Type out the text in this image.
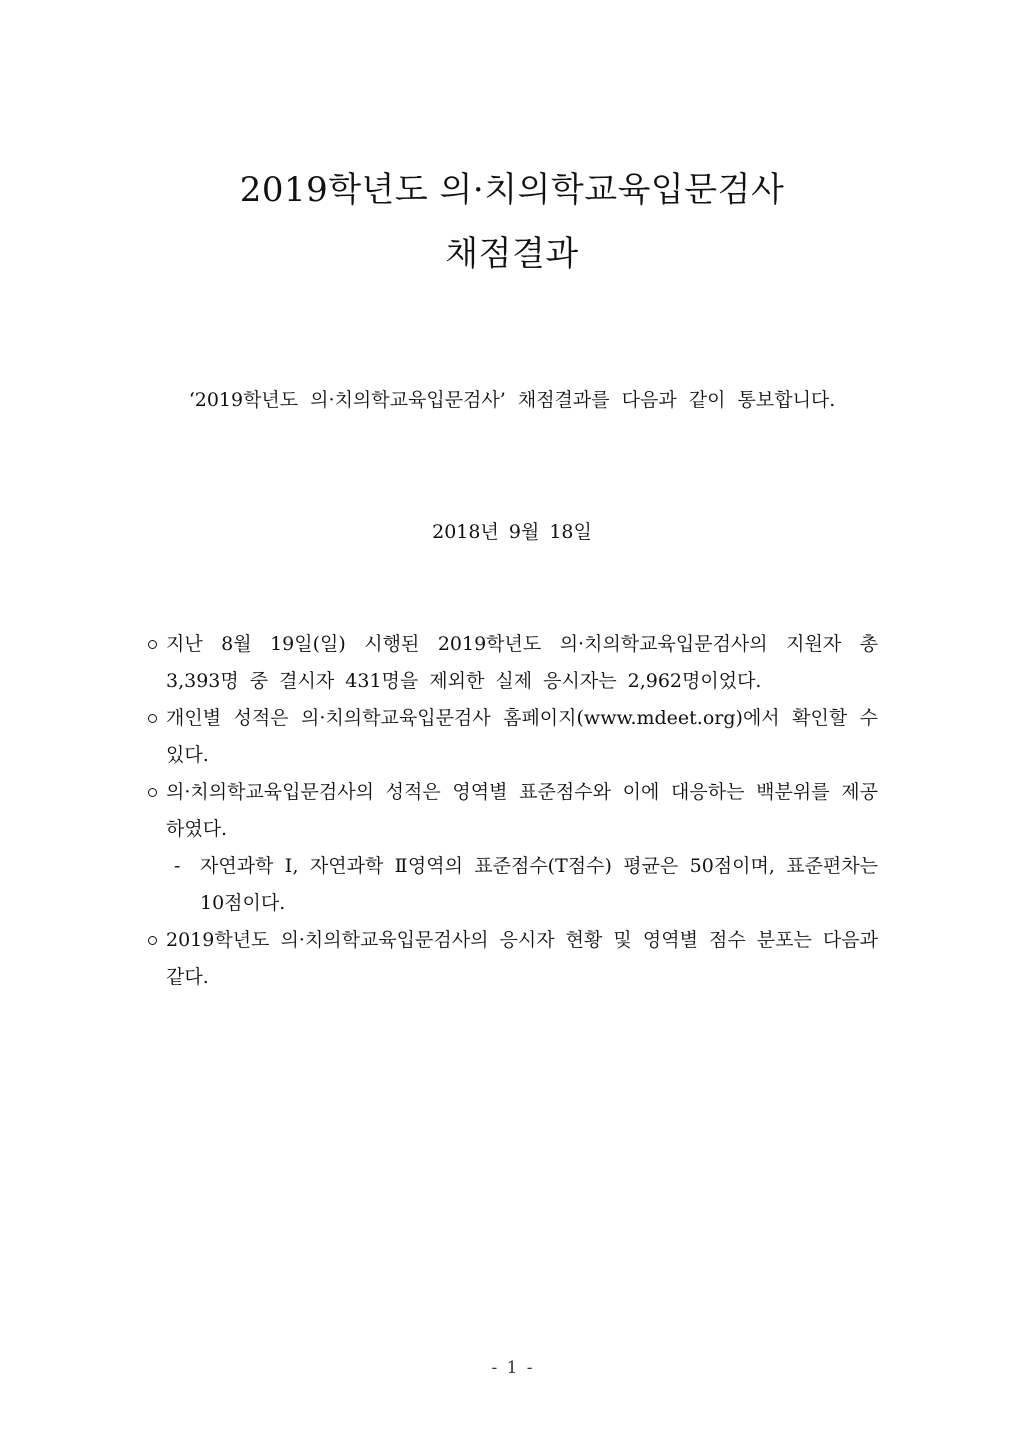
2019학년도 의·치의학교육입문검사
채점결과

‘2019학년도 의·치의학교육입문검사’ 채점결과를 다음과 같이 통보합니다.

2018년 9월 18일

지난 8월 19일(일) 시행된 2019학년도 의·치의학교육입문검사의 지원자 총 3,393명 중 결시자 431명을 제외한 실제 응시자는 2,962명이었다.

개인별 성적은 의·치의학교육입문검사 홈페이지(www.mdeet.org)에서 확인할 수 있다.

의·치의학교육입문검사의 성적은 영역별 표준점수와 이에 대응하는 백분위를 제공하였다.

- 자연과학 Ⅰ, 자연과학 Ⅱ영역의 표준점수(T점수) 평균은 50점이며, 표준편차는 10점이다.

2019학년도 의·치의학교육입문검사의 응시자 현황 및 영역별 점수 분포는 다음과 같다.

- 1 -
